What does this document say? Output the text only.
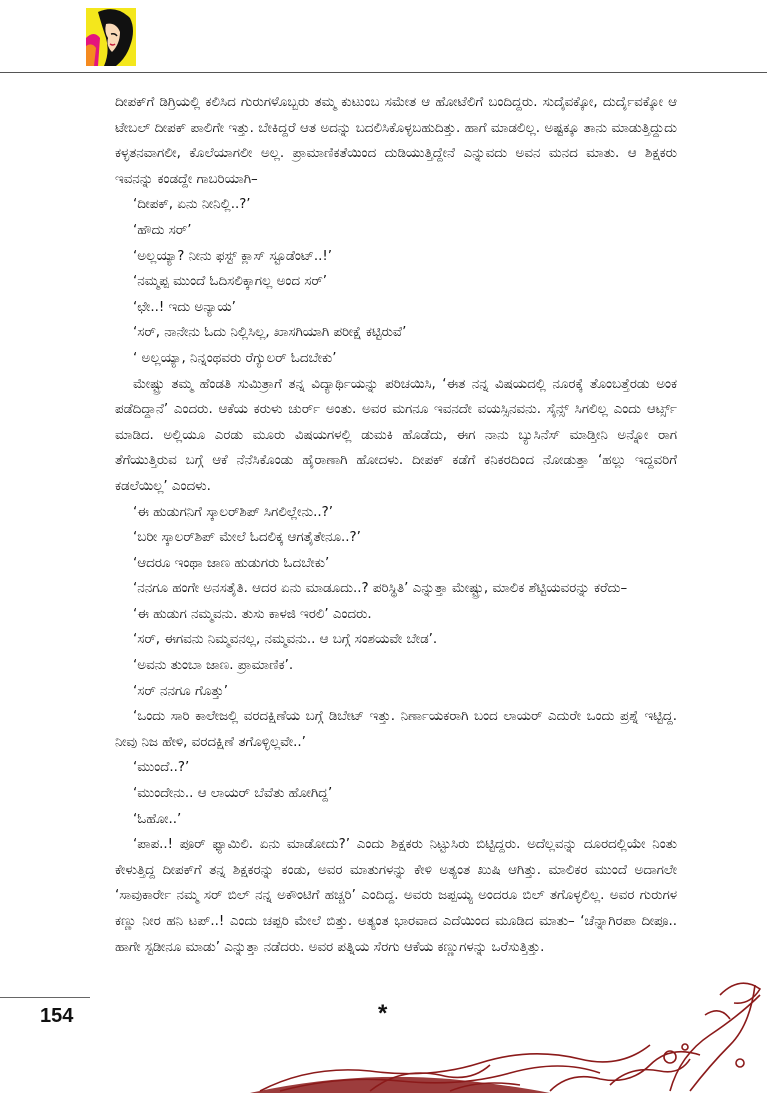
ದೀಪಕ್‌ಗೆ ಡಿಗ್ರಿಯಲ್ಲಿ ಕಲಿಸಿದ ಗುರುಗಳೊಬ್ಬರು ತಮ್ಮ ಕುಟುಂಬ ಸಮೇತ ಆ ಹೋಟೆಲಿಗೆ ಬಂದಿದ್ದರು. ಸುದೈವಕ್ಕೋ, ದುರ್ದೈವಕ್ಕೋ ಆ ಟೇಬಲ್ ದೀಪಕ್ ಪಾಲಿಗೇ ಇತ್ತು. ಬೇಕಿದ್ದರೆ ಆತ ಅದನ್ನು ಬದಲಿಸಿಕೊಳ್ಳಬಹುದಿತ್ತು. ಹಾಗೆ ಮಾಡಲಿಲ್ಲ. ಅಷ್ಟಕ್ಕೂ ತಾನು ಮಾಡುತ್ತಿದ್ದುದು ಕಳ್ಳತನವಾಗಲೀ, ಕೊಲೆಯಾಗಲೀ ಅಲ್ಲ. ಪ್ರಾಮಾಣಿಕತೆಯಿಂದ ದುಡಿಯುತ್ತಿದ್ದೇನೆ ಎನ್ನುವದು ಅವನ ಮನದ ಮಾತು. ಆ ಶಿಕ್ಷಕರು ಇವನನ್ನು ಕಂಡದ್ದೇ ಗಾಬರಿಯಾಗಿ–

‘ದೀಪಕ್, ಏನು ನೀನಿಲ್ಲಿ..?’

‘ಹೌದು ಸರ್’

‘ಅಲ್ಲಯ್ಯಾ? ನೀನು ಫಸ್ಟ್ ಕ್ಲಾಸ್ ಸ್ಟೂಡೆಂಟ್..!’

‘ನಮ್ಮಪ್ಪ ಮುಂದೆ ಓದಿಸಲಿಕ್ಕಾಗಲ್ಲ ಅಂದ ಸರ್’

‘ಛೇ..! ಇದು ಅನ್ಯಾಯ’

‘ಸರ್, ನಾನೇನು ಓದು ನಿಲ್ಲಿಸಿಲ್ಲ, ಖಾಸಗಿಯಾಗಿ ಪರೀಕ್ಷೆ ಕಟ್ಟಿರುವೆ’

‘ ಅಲ್ಲಯ್ಯಾ, ನಿನ್ನಂಥವರು ರೆಗ್ಯುಲರ್ ಓದಬೇಕು’

ಮೇಷ್ಟ್ರು ತಮ್ಮ ಹೆಂಡತಿ ಸುಮಿತ್ರಾಗೆ ತನ್ನ ವಿದ್ಯಾರ್ಥಿಯನ್ನು ಪರಿಚಯಿಸಿ, ‘ಈತ ನನ್ನ ವಿಷಯದಲ್ಲಿ ನೂರಕ್ಕೆ ತೊಂಬತ್ತೆರಡು ಅಂಕ ಪಡೆದಿದ್ದಾನೆ’ ಎಂದರು. ಆಕೆಯ ಕರುಳು ಚುರ್ರ್ ಅಂತು. ಅವರ ಮಗನೂ ಇವನದೇ ವಯಸ್ಸಿನವನು. ಸೈನ್ಸ್ ಸಿಗಲಿಲ್ಲ ಎಂದು ಆರ್ಟ್ಸ್ ಮಾಡಿದ. ಅಲ್ಲಿಯೂ ಎರಡು ಮೂರು ವಿಷಯಗಳಲ್ಲಿ ಡುಮಕಿ ಹೊಡೆದು, ಈಗ ನಾನು ಬ್ಯುಸಿನೆಸ್ ಮಾಡ್ತೀನಿ ಅನ್ನೋ ರಾಗ ತೆಗೆಯುತ್ತಿರುವ ಬಗ್ಗೆ ಆಕೆ ನೆನೆಸಿಕೊಂಡು ಹೈರಾಣಾಗಿ ಹೋದಳು. ದೀಪಕ್ ಕಡೆಗೆ ಕನಿಕರದಿಂದ ನೋಡುತ್ತಾ ‘ಹಲ್ಲು ಇದ್ದವರಿಗೆ ಕಡಲೆಯಿಲ್ಲ’ ಎಂದಳು.

‘ಈ ಹುಡುಗನಿಗೆ ಸ್ಕಾಲರ್‌ಶಿಪ್ ಸಿಗಲಿಲ್ಲೇನು..?’

‘ಬರೀ ಸ್ಕಾಲರ್‌ಶಿಪ್ ಮೇಲೆ ಓದಲಿಕ್ಕ ಆಗತೈತೇನೂ..?’

‘ಆದರೂ ಇಂಥಾ ಜಾಣ ಹುಡುಗರು ಓದಬೇಕು’

‘ನನಗೂ ಹಂಗೇ ಅನಸತೈತಿ. ಆದರ ಏನು ಮಾಡೂದು..? ಪರಿಸ್ಥಿತಿ’ ಎನ್ನುತ್ತಾ ಮೇಷ್ಟ್ರು, ಮಾಲಿಕ ಶೆಟ್ಟಿಯವರನ್ನು ಕರೆದು–

‘ಈ ಹುಡುಗ ನಮ್ಮವನು. ತುಸು ಕಾಳಜಿ ಇರಲಿ’ ಎಂದರು.

‘ಸರ್, ಈಗವನು ನಿಮ್ಮವನಲ್ಲ, ನಮ್ಮವನು.. ಆ ಬಗ್ಗೆ ಸಂಶಯವೇ ಬೇಡ’.

‘ಅವನು ತುಂಬಾ ಜಾಣ. ಪ್ರಾಮಾಣಿಕ’.

‘ಸರ್ ನನಗೂ ಗೊತ್ತು’

‘ಒಂದು ಸಾರಿ ಕಾಲೇಜಲ್ಲಿ ವರದಕ್ಷಿಣೆಯ ಬಗ್ಗೆ ಡಿಬೇಟ್ ಇತ್ತು. ನಿರ್ಣಾಯಕರಾಗಿ ಬಂದ ಲಾಯರ್ ಎದುರೇ ಒಂದು ಪ್ರಶ್ನೆ ಇಟ್ಟಿದ್ದ. ನೀವು ನಿಜ ಹೇಳಿ, ವರದಕ್ಷಿಣೆ ತಗೊಳ್ಳಿಲ್ಲವೇ..’

‘ಮುಂದೆ..?’

‘ಮುಂದೇನು.. ಆ ಲಾಯರ್ ಬೆವೆತು ಹೋಗಿದ್ದ’

‘ಓಹೋ..’

‘ಪಾಪ..! ಪೂರ್ ಫ್ಯಾಮಿಲಿ. ಏನು ಮಾಡೋದು?’ ಎಂದು ಶಿಕ್ಷಕರು ನಿಟ್ಟುಸಿರು ಬಿಟ್ಟಿದ್ದರು. ಅದೆಲ್ಲವನ್ನು ದೂರದಲ್ಲಿಯೇ ನಿಂತು ಕೇಳುತ್ತಿದ್ದ ದೀಪಕ್‌ಗೆ ತನ್ನ ಶಿಕ್ಷಕರನ್ನು ಕಂಡು, ಅವರ ಮಾತುಗಳನ್ನು ಕೇಳಿ ಅತ್ಯಂತ ಖುಷಿ ಆಗಿತ್ತು. ಮಾಲಿಕರ ಮುಂದೆ ಅದಾಗಲೇ ‘ಸಾವುಕಾರ್ರೇ ನಮ್ಮ ಸರ್ ಬಿಲ್ ನನ್ನ ಅಕೌಂಟಿಗೆ ಹಚ್ಚರಿ’ ಎಂದಿದ್ದ. ಅವರು ಜಪ್ಪಯ್ಯ ಅಂದರೂ ಬಿಲ್ ತಗೊಳ್ಳಲಿಲ್ಲ. ಅವರ ಗುರುಗಳ ಕಣ್ಣು ನೀರ ಹನಿ ಟಪ್..! ಎಂದು ಚಪ್ಪರಿ ಮೇಲೆ ಬಿತ್ತು. ಅತ್ಯಂತ ಭಾರವಾದ ಎದೆಯಿಂದ ಮೂಡಿದ ಮಾತು– ‘ಚೆನ್ನಾಗಿರಪಾ ದೀಪೂ.. ಹಾಗೇ ಸ್ಟಡೀನೂ ಮಾಡು’ ಎನ್ನುತ್ತಾ ನಡೆದರು. ಅವರ ಪತ್ನಿಯ ಸೆರಗು ಆಕೆಯ ಕಣ್ಣುಗಳನ್ನು ಒರೆಸುತ್ತಿತ್ತು.

154	*
